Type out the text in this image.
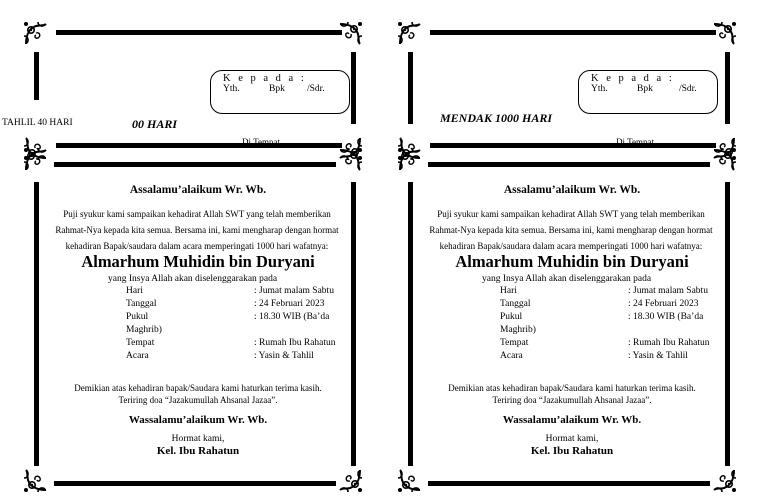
K e p a d a :
Yth.	Bpk /Sdr.
00 HARI
Di Tempat.
TAHLIL 40 HARI
Assalamu’alaikum Wr. Wb.
Puji syukur kami sampaikan kehadirat Allah SWT yang telah memberikan
Rahmat-Nya kepada kita semua. Bersama ini, kami mengharap dengan hormat
kehadiran Bapak/saudara dalam acara memperingati 1000 hari wafatnya:
Almarhum Muhidin bin Duryani
yang Insya Allah akan diselenggarakan pada
Hari	: Jumat malam Sabtu
Tanggal	: 24 Februari 2023
Pukul	: 18.30 WIB (Ba’da
Maghrib)
Tempat	: Rumah Ibu Rahatun
Acara	: Yasin & Tahlil
Demikian atas kehadiran bapak/Saudara kami haturkan terima kasih.
Teriring doa “Jazakumullah Ahsanal Jazaa”.
Wassalamu’alaikum Wr. Wb.
Hormat kami,
Kel. Ibu Rahatun
K e p a d a :
Yth.	Bpk	/Sdr.
MENDAK 1000 HARI
Di Tempat.
Assalamu’alaikum Wr. Wb.
Puji syukur kami sampaikan kehadirat Allah SWT yang telah memberikan
Rahmat-Nya kepada kita semua. Bersama ini, kami mengharap dengan hormat
kehadiran Bapak/saudara dalam acara memperingati 1000 hari wafatnya:
Almarhum Muhidin bin Duryani
yang Insya Allah akan diselenggarakan pada
Hari	: Jumat malam Sabtu
Tanggal	: 24 Februari 2023
Pukul	: 18.30 WIB (Ba’da
Maghrib)
Tempat	: Rumah Ibu Rahatun
Acara	: Yasin & Tahlil
Demikian atas kehadiran bapak/Saudara kami haturkan terima kasih.
Teriring doa “Jazakumullah Ahsanal Jazaa”.
Wassalamu’alaikum Wr. Wb.
Hormat kami,
Kel. Ibu Rahatun
